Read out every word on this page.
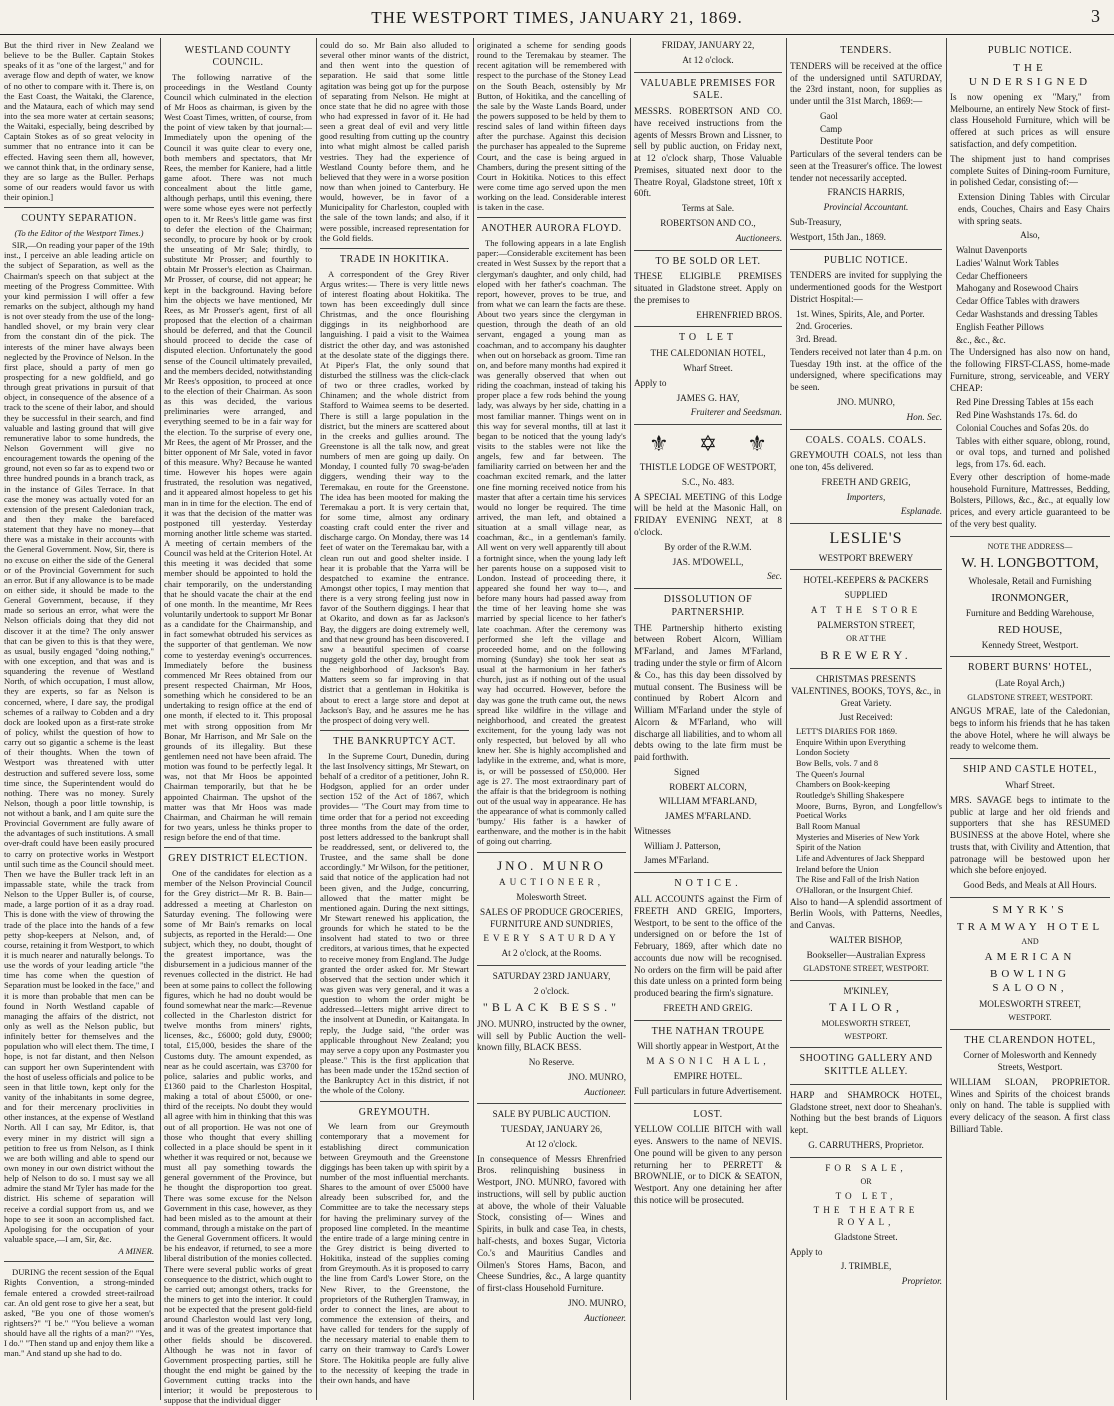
THE WESTPORT TIMES, JANUARY 21, 1869.	3

But the third river in New Zealand we believe to be the Buller. Captain Stokes speaks of it as "one of the largest," and for average flow and depth of water, we know of no other to compare with it. There is, on the East Coast, the Waitaki, the Clarence, and the Mataura, each of which may send into the sea more water at certain seasons; the Waitaki, especially, being described by Captain Stokes as of so great velocity in summer that no entrance into it can be effected. Having seen them all, however, we cannot think that, in the ordinary sense, they are so large as the Buller. Perhaps some of our readers would favor us with their opinion.]

COUNTY SEPARATION.

(To the Editor of the Westport Times.)

SIR,—On reading your paper of the 19th inst., I perceive an able leading article on the subject of Separation, as well as the Chairman's speech on that subject at the meeting of the Progress Committee. With your kind permission I will offer a few remarks on the subject, although my hand is not over steady from the use of the long-handled shovel, or my brain very clear from the constant din of the pick. The interests of the miner have always been neglected by the Province of Nelson. In the first place, should a party of men go prospecting for a new goldfield, and go through great privations in pursuit of that object, in consequence of the absence of a track to the scene of their labor, and should they be successful in their search, and find valuable and lasting ground that will give remunerative labor to some hundreds, the Nelson Government will give no encouragement towards the opening of the ground, not even so far as to expend two or three hundred pounds in a branch track, as in the instance of Giles Terrace. In that case the money was actually voted for an extension of the present Caledonian track, and then they make the barefaced statement that they have no money—that there was a mistake in their accounts with the General Government. Now, Sir, there is no excuse on either the side of the General or of the Provincial Government for such an error. But if any allowance is to be made on either side, it should be made to the General Government, because, if they made so serious an error, what were the Nelson officials doing that they did not discover it at the time? The only answer that can be given to this is that they were, as usual, busily engaged "doing nothing," with one exception, and that was and is squandering the revenue of Westland North, of which occupation, I must allow, they are experts, so far as Nelson is concerned, where, I dare say, the prodigal schemes of a railway to Cobden and a dry dock are looked upon as a first-rate stroke of policy, whilst the question of how to carry out so gigantic a scheme is the least of their thoughts. When the town of Westport was threatened with utter destruction and suffered severe loss, some time since, the Superintendent would do nothing. There was no money. Surely Nelson, though a poor little township, is not without a bank, and I am quite sure the Provincial Government are fully aware of the advantages of such institutions. A small over-draft could have been easily procured to carry on protective works in Westport until such time as the Council should meet. Then we have the Buller track left in an impassable state, while the track from Nelson to the Upper Buller is, of course, made, a large portion of it as a dray road. This is done with the view of throwing the trade of the place into the hands of a few petty shop-keepers at Nelson, and, of course, retaining it from Westport, to which it is much nearer and naturally belongs. To use the words of your leading article "the time has come when the question of Separation must be looked in the face," and it is more than probable that men can be found in North Westland capable of managing the affairs of the district, not only as well as the Nelson public, but infinitely better for themselves and the population who will elect them. The time, I hope, is not far distant, and then Nelson can support her own Superintendent with the host of useless officials and police to be seen in that little town, kept only for the vanity of the inhabitants in some degree, and for their mercenary proclivities in other instances, at the expense of Westland North. All I can say, Mr Editor, is, that every miner in my district will sign a petition to free us from Nelson, as I think we are both willing and able to spend our own money in our own district without the help of Nelson to do so. I must say we all admire the stand Mr Tyler has made for the district. His scheme of separation will receive a cordial support from us, and we hope to see it soon an accomplished fact. Apologising for the occupation of your valuable space,—I am, Sir, &c.

A MINER.

DURING the recent session of the Equal Rights Convention, a strong-minded female entered a crowded street-railroad car. An old gent rose to give her a seat, but asked, "Be you one of those women's rightsers?" "I be." "You believe a woman should have all the rights of a man?" "Yes, I do." "Then stand up and enjoy them like a man." And stand up she had to do.

WESTLAND COUNTY COUNCIL.

The following narrative of the proceedings in the Westland County Council which culminated in the election of Mr Hoos as chairman, is given by the West Coast Times, written, of course, from the point of view taken by that journal:— Immediately upon the opening of the Council it was quite clear to every one, both members and spectators, that Mr Rees, the member for Kaniere, had a little game afoot. There was not much concealment about the little game, although perhaps, until this evening, there were some whose eyes were not perfectly open to it. Mr Rees's little game was first to defer the election of the Chairman; secondly, to procure by hook or by crook the unseating of Mr Sale; thirdly, to substitute Mr Prosser; and fourthly to obtain Mr Prosser's election as Chairman. Mr Prosser, of course, did not appear; he kept in the background. Having before him the objects we have mentioned, Mr Rees, as Mr Prosser's agent, first of all proposed that the election of a chairman should be deferred, and that the Council should proceed to decide the case of disputed election. Unfortunately the good sense of the Council ultimately prevailed, and the members decided, notwithstanding Mr Rees's opposition, to proceed at once to the election of their Chairman. As soon as this was decided, the various preliminaries were arranged, and everything seemed to be in a fair way for the election. To the surprise of every one, Mr Rees, the agent of Mr Prosser, and the bitter opponent of Mr Sale, voted in favor of this measure. Why? Because he wanted time. However his hopes were again frustrated, the resolution was negatived, and it appeared almost hopeless to get his man in in time for the election. The end of it was that the decision of the matter was postponed till yesterday. Yesterday morning another little scheme was started. A meeting of certain members of the Council was held at the Criterion Hotel. At this meeting it was decided that some member should be appointed to hold the chair temporarily, on the understanding that he should vacate the chair at the end of one month. In the meantime, Mr Rees voluntarily undertook to support Mr Bonar as a candidate for the Chairmanship, and in fact somewhat obtruded his services as the supporter of that gentleman. We now come to yesterday evening's occurrences. Immediately before the business commenced Mr Rees obtained from our present respected Chairman, Mr Hoos, something which he considered to be an undertaking to resign office at the end of one month, if elected to it. This proposal met with strong opposition from Mr Bonar, Mr Harrison, and Mr Sale on the grounds of its illegality. But these gentlemen need not have been afraid. The motion was found to be perfectly legal. It was, not that Mr Hoos be appointed Chairman temporarily, but that he be appointed Chairman. The upshot of the matter was that Mr Hoos was made Chairman, and Chairman he will remain for two years, unless he thinks proper to resign before the end of that time.

GREY DISTRICT ELECTION.

One of the candidates for election as a member of the Nelson Provincial Council for the Grey district—Mr R. B. Bain—addressed a meeting at Charleston on Saturday evening. The following were some of Mr Bain's remarks on local subjects, as reported in the Herald:— One subject, which they, no doubt, thought of the greatest importance, was the disbursement in a judicious manner of the revenues collected in the district. He had been at some pains to collect the following figures, which he had no doubt would be found somewhat near the mark:—Revenue collected in the Charleston district for twelve months from miners' rights, licenses, &c., £6000; gold duty, £9000; total, £15,000, besides the share of the Customs duty. The amount expended, as near as he could ascertain, was £3700 for police, salaries and public works, and £1360 paid to the Charleston Hospital, making a total of about £5000, or one-third of the receipts. No doubt they would all agree with him in thinking that this was out of all proportion. He was not one of those who thought that every shilling collected in a place should be spent in it whether it was required or not, because we must all pay something towards the general government of the Province, but he thought the disproportion too great. There was some excuse for the Nelson Government in this case, however, as they had been misled as to the amount at their command, through a mistake on the part of the General Government officers. It would be his endeavor, if returned, to see a more liberal distribution of the monies collected. There were several public works of great consequence to the district, which ought to be carried out; amongst others, tracks for the miners to get into the interior. It could not be expected that the present gold-field around Charleston would last very long, and it was of the greatest importance that other fields should be discovered. Although he was not in favor of Government prospecting parties, still he thought the end might be gained by the Government cutting tracks into the interior; it would be preposterous to suppose that the individual digger

could do so. Mr Bain also alluded to several other minor wants of the district, and then went into the question of separation. He said that some little agitation was being got up for the purpose of separating from Nelson. He might at once state that he did no agree with those who had expressed in favor of it. He had seen a great deal of evil and very little good resulting from cutting up the country into what might almost be called parish vestries. They had the experience of Westland County before them, and he believed that they were in a worse position now than when joined to Canterbury. He would, however, be in favor of a Municipality for Charleston, coupled with the sale of the town lands; and also, if it were possible, increased representation for the Gold fields.

TRADE IN HOKITIKA.

A correspondent of the Grey River Argus writes:— There is very little news of interest floating about Hokitika. The town has been exceedingly dull since Christmas, and the once flourishing diggings in its neighborhood are languishing. I paid a visit to the Waimea district the other day, and was astonished at the desolate state of the diggings there. At Piper's Flat, the only sound that disturbed the stillness was the click-clack of two or three cradles, worked by Chinamen; and the whole district from Stafford to Waimea seems to be deserted. There is still a large population in the district, but the miners are scattered about in the creeks and gullies around. The Greenstone is all the talk now, and great numbers of men are going up daily. On Monday, I counted fully 70 swag-be'aden diggers, wending their way to the Teremakau, en route for the Greenstone. The idea has been mooted for making the Teremakau a port. It is very certain that, for some time, almost any ordinary coasting craft could enter the river and discharge cargo. On Monday, there was 14 feet of water on the Teremakau bar, with a clean run out and good shelter inside. I hear it is probable that the Yarra will be despatched to examine the entrance. Amongst other topics, I may mention that there is a very strong feeling just now in favor of the Southern diggings. I hear that at Okarito, and down as far as Jackson's Bay, the diggers are doing extremely well, and that new ground has been discovered. I saw a beautiful specimen of coarse nuggety gold the other day, brought from the neighborhood of Jackson's Bay. Matters seem so far improving in that district that a gentleman in Hokitika is about to erect a large store and depot at Jackson's Bay, and he assures me he has the prospect of doing very well.

THE BANKRUPTCY ACT.

In the Supreme Court, Dunedin, during the last Insolvency sittings, Mr Stewart, on behalf of a creditor of a petitioner, John R. Hodgson, applied for an order under section 152 of the Act of 1867, which provides— "The Court may from time to time order that for a period not exceeding three months from the date of the order, post letters addressed to the bankrupt shall be readdressed, sent, or delivered to, the Trustee, and the same shall be done accordingly." Mr Wilson, for the petitioner, said that notice of the application had not been given, and the Judge, concurring, allowed that the matter might be mentioned again. During the next sittings, Mr Stewart renewed his application, the grounds for which he stated to be the insolvent had stated to two or three creditors, at various times, that he expected to receive money from England. The Judge granted the order asked for. Mr Stewart observed that the section under which it was given was very general, and it was a question to whom the order might be addressed—letters might arrive direct to the insolvent at Dunedin, or Kaitangata. In reply, the Judge said, "the order was applicable throughout New Zealand; you may serve a copy upon any Postmaster you please." This is the first application that has been made under the 152nd section of the Bankruptcy Act in this district, if not the whole of the Colony.

GREYMOUTH.

We learn from our Greymouth contemporary that a movement for establishing direct communication between Greymouth and the Greenstone diggings has been taken up with spirit by a number of the most influential merchants. Shares to the amount of over £5000 have already been subscribed for, and the Committee are to take the necessary steps for having the preliminary survey of the proposed line completed. In the meantime the entire trade of a large mining centre in the Grey district is being diverted to Hokitika, instead of the supplies coming from Greymouth. As it is proposed to carry the line from Card's Lower Store, on the New River, to the Greenstone, the proprietors of the Rutherglen Tramway, in order to connect the lines, are about to commence the extension of theirs, and have called for tenders for the supply of the necessary material to enable them to carry on their tramway to Card's Lower Store. The Hokitika people are fully alive to the necessity of keeping the trade in their own hands, and have

originated a scheme for sending goods round to the Teremakau by steamer. The recent agitation will be remembered with respect to the purchase of the Stoney Lead on the South Beach, ostensibly by Mr Button, of Hokitika, and the cancelling of the sale by the Waste Lands Board, under the powers supposed to be held by them to rescind sales of land within fifteen days after the purchase. Against this decision the purchaser has appealed to the Supreme Court, and the case is being argued in Chambers, during the present sitting of the Court in Hokitika. Notices to this effect were come time ago served upon the men working on the lead. Considerable interest is taken in the case.

ANOTHER AURORA FLOYD.

The following appears in a late English paper:—Considerable excitement has been created in West Sussex by the report that a clergyman's daughter, and only child, had eloped with her father's coachman. The report, however, proves to be true, and from what we can learn the facts are these. About two years since the clergyman in question, through the death of an old servant, engaged a young man as coachman, and to accompany his daughter when out on horseback as groom. Time ran on, and before many months had expired it was generally observed that when out riding the coachman, instead of taking his proper place a few rods behind the young lady, was always by her side, chatting in a most familiar manner. Things went on in this way for several months, till at last it began to be noticed that the young lady's visits to the stables were not like the angels, few and far between. The familiarity carried on between her and the coachman excited remark, and the latter one fine morning received notice from his master that after a certain time his services would no longer be required. The time arrived, the man left, and obtained a situation at a small village near, as coachman, &c., in a gentleman's family. All went on very well apparently till about a fortnight since, when the young lady left her parents house on a supposed visit to London. Instead of proceeding there, it appeared she found her way to—, and before many hours had passed away from the time of her leaving home she was married by special licence to her father's late coachman. After the ceremony was performed she left the village and proceeded home, and on the following morning (Sunday) she took her seat as usual at the harmonium in her father's church, just as if nothing out of the usual way had occurred. However, before the day was gone the truth came out, the news spread like wildfire in the village and neighborhood, and created the greatest excitement, for the young lady was not only respected, but beloved by all who knew her. She is highly accomplished and ladylike in the extreme, and, what is more, is, or will be possessed of £50,000. Her age is 27. The most extraordinary part of the affair is that the bridegroom is nothing out of the usual way in appearance. He has the appearance of what is commonly called 'bumpy.' His father is a hawker of earthenware, and the mother is in the habit of going out charring.

JNO. MUNRO

AUCTIONEER,

Molesworth Street.

SALES OF PRODUCE GROCERIES, FURNITURE AND SUNDRIES,

EVERY SATURDAY

At 2 o'clock, at the Rooms.

SATURDAY 23RD JANUARY,

2 o'clock.

"BLACK BESS."

JNO. MUNRO, instructed by the owner, will sell by Public Auction the well-known filly, BLACK BESS.

No Reserve.

JNO. MUNRO,

Auctioneer.

SALE BY PUBLIC AUCTION.

TUESDAY, JANUARY 26,

At 12 o'clock.

In consequence of Messrs Ehrenfried Bros. relinquishing business in Westport, JNO. MUNRO, favored with instructions, will sell by public auction at above, the whole of their Valuable Stock, consisting of— Wines and Spirits, in bulk and case Tea, in chests, half-chests, and boxes Sugar, Victoria Co.'s and Mauritius Candles and Oilmen's Stores Hams, Bacon, and Cheese Sundries, &c., A large quantity of first-class Household Furniture.

JNO. MUNRO,

Auctioneer.

FRIDAY, JANUARY 22,

At 12 o'clock.

VALUABLE PREMISES FOR SALE.

MESSRS. ROBERTSON AND CO. have received instructions from the agents of Messrs Brown and Lissner, to sell by public auction, on Friday next, at 12 o'clock sharp, Those Valuable Premises, situated next door to the Theatre Royal, Gladstone street, 10ft x 60ft.

Terms at Sale.

ROBERTSON AND CO.,

Auctioneers.

TO BE SOLD OR LET.

THESE ELIGIBLE PREMISES situated in Gladstone street. Apply on the premises to

EHRENFRIED BROS.

TO LET

THE CALEDONIAN HOTEL,

Wharf Street.

Apply to

JAMES G. HAY,

Fruiterer and Seedsman.

⚜ ✡ ⚜

THISTLE LODGE OF WESTPORT,

S.C., No. 483.

A SPECIAL MEETING of this Lodge will be held at the Masonic Hall, on FRIDAY EVENING NEXT, at 8 o'clock.

By order of the R.W.M.

JAS. M'DOWELL,

Sec.

DISSOLUTION OF PARTNERSHIP.

THE Partnership hitherto existing between Robert Alcorn, William M'Farland, and James M'Farland, trading under the style or firm of Alcorn & Co., has this day been dissolved by mutual consent. The Business will be continued by Robert Alcorn and William M'Farland under the style of Alcorn & M'Farland, who will discharge all liabilities, and to whom all debts owing to the late firm must be paid forthwith.

Signed

ROBERT ALCORN,

WILLIAM M'FARLAND,

JAMES M'FARLAND.

Witnesses

William J. Patterson,

James M'Farland.

NOTICE.

ALL ACCOUNTS against the Firm of FREETH AND GREIG, Importers, Westport, to be sent to the office of the undersigned on or before the 1st of February, 1869, after which date no accounts due now will be recognised. No orders on the firm will be paid after this date unless on a printed form being produced bearing the firm's signature.

FREETH AND GREIG.

THE NATHAN TROUPE

Will shortly appear in Westport, At the

MASONIC HALL,

EMPIRE HOTEL.

Full particulars in future Advertisement.

LOST.

YELLOW COLLIE BITCH with wall eyes. Answers to the name of NEVIS. One pound will be given to any person returning her to PERRETT & BROWNLIE, or to DICK & SEATON, Westport. Any one detaining her after this notice will be prosecuted.

TENDERS.

TENDERS will be received at the office of the undersigned until SATURDAY, the 23rd instant, noon, for supplies as under until the 31st March, 1869:—

Gaol

Camp

Destitute Poor

Particulars of the several tenders can be seen at the Treasurer's office. The lowest tender not necessarily accepted.

FRANCIS HARRIS,

Provincial Accountant.

Sub-Treasury,

Westport, 15th Jan., 1869.

PUBLIC NOTICE.

TENDERS are invited for supplying the undermentioned goods for the Westport District Hospital:—

1st. Wines, Spirits, Ale, and Porter.

2nd. Groceries.

3rd. Bread.

Tenders received not later than 4 p.m. on Tuesday 19th inst. at the office of the undersigned, where specifications may be seen.

JNO. MUNRO,

Hon. Sec.

COALS. COALS. COALS.

GREYMOUTH COALS, not less than one ton, 45s delivered.

FREETH AND GREIG,

Importers,

Esplanade.

LESLIE'S

WESTPORT BREWERY

HOTEL-KEEPERS & PACKERS

SUPPLIED

AT THE STORE

PALMERSTON STREET,

OR AT THE

BREWERY.

CHRISTMAS PRESENTS VALENTINES, BOOKS, TOYS, &c., in Great Variety.

Just Received:

LETT'S DIARIES FOR 1869.

Enquire Within upon Everything

London Society

Bow Bells, vols. 7 and 8

The Queen's Journal

Chambers on Book-keeping

Routledge's Shilling Shakespere

Moore, Burns, Byron, and Longfellow's Poetical Works

Ball Room Manual

Mysteries and Miseries of New York

Spirit of the Nation

Life and Adventures of Jack Sheppard

Ireland before the Union

The Rise and Fall of the Irish Nation

O'Halloran, or the Insurgent Chief.

Also to hand—A splendid assortment of Berlin Wools, with Patterns, Needles, and Canvas.

WALTER BISHOP,

Bookseller—Australian Express

GLADSTONE STREET, WESTPORT.

M'KINLEY,

TAILOR,

MOLESWORTH STREET,

WESTPORT.

SHOOTING GALLERY AND SKITTLE ALLEY.

HARP and SHAMROCK HOTEL, Gladstone street, next door to Sheahan's. Nothing but the best brands of Liquors kept.

G. CARRUTHERS, Proprietor.

FOR SALE,

OR

TO LET,

THE THEATRE ROYAL,

Gladstone Street.

Apply to

J. TRIMBLE,

Proprietor.

PUBLIC NOTICE.

THE UNDERSIGNED

Is now opening ex "Mary," from Melbourne, an entirely New Stock of first-class Household Furniture, which will be offered at such prices as will ensure satisfaction, and defy competition.

The shipment just to hand comprises complete Suites of Dining-room Furniture, in polished Cedar, consisting of:—

Extension Dining Tables with Circular ends, Couches, Chairs and Easy Chairs with spring seats.

Also,

Walnut Davenports

Ladies' Walnut Work Tables

Cedar Cheffioneers

Mahogany and Rosewood Chairs

Cedar Office Tables with drawers

Cedar Washstands and dressing Tables

English Feather Pillows

&c., &c., &c.

The Undersigned has also now on hand, the following FIRST-CLASS, home-made Furniture, strong, serviceable, and VERY CHEAP:

Red Pine Dressing Tables at 15s each

Red Pine Washstands 17s. 6d. do

Colonial Couches and Sofas 20s. do

Tables with either square, oblong, round, or oval tops, and turned and polished legs, from 17s. 6d. each.

Every other description of home-made household Furniture, Mattresses, Bedding, Bolsters, Pillows, &c., &c., at equally low prices, and every article guaranteed to be of the very best quality.

NOTE THE ADDRESS—

W. H. LONGBOTTOM,

Wholesale, Retail and Furnishing

IRONMONGER,

Furniture and Bedding Warehouse,

RED HOUSE,

Kennedy Street, Westport.

ROBERT BURNS' HOTEL,

(Late Royal Arch,)

GLADSTONE STREET, WESTPORT.

ANGUS M'RAE, late of the Caledonian, begs to inform his friends that he has taken the above Hotel, where he will always be ready to welcome them.

SHIP AND CASTLE HOTEL,

Wharf Street.

MRS. SAVAGE begs to intimate to the public at large and her old friends and supporters that she has RESUMED BUSINESS at the above Hotel, where she trusts that, with Civility and Attention, that patronage will be bestowed upon her which she before enjoyed.

Good Beds, and Meals at All Hours.

SMYRK'S

TRAMWAY HOTEL

AND

AMERICAN

BOWLING SALOON,

MOLESWORTH STREET,

WESTPORT.

THE CLARENDON HOTEL,

Corner of Molesworth and Kennedy Streets, Westport.

WILLIAM SLOAN, PROPRIETOR. Wines and Spirits of the choicest brands only on hand. The table is supplied with every delicacy of the season. A first class Billiard Table.
